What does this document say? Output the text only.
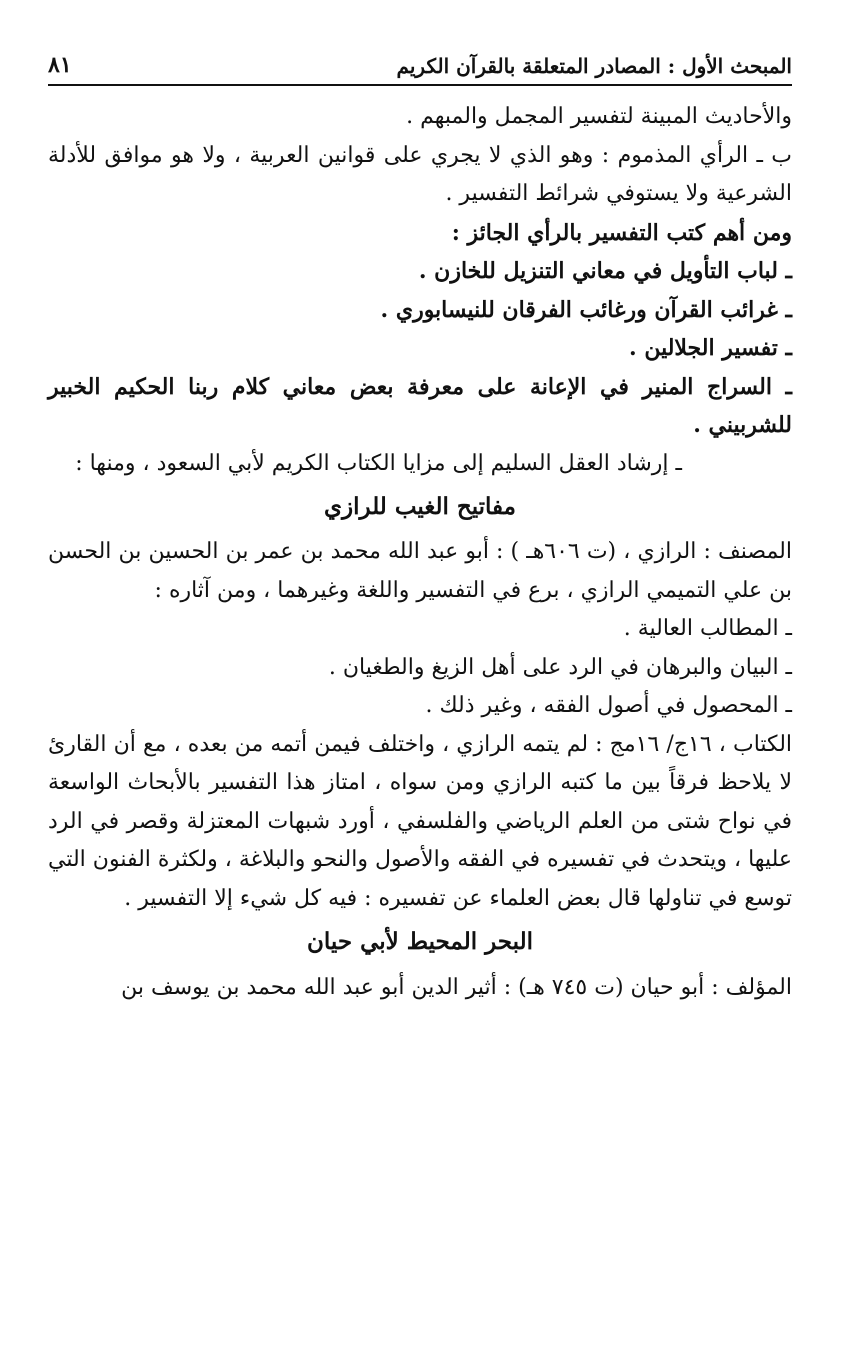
المبحث الأول : المصادر المتعلقة بالقرآن الكريم
٨١

والأحاديث المبينة لتفسير المجمل والمبهم .

ب ـ الرأي المذموم : وهو الذي لا يجري على قوانين العربية ، ولا هو موافق للأدلة الشرعية ولا يستوفي شرائط التفسير .

ومن أهم كتب التفسير بالرأي الجائز :

ـ لباب التأويل في معاني التنزيل للخازن .

ـ غرائب القرآن ورغائب الفرقان للنيسابوري .

ـ تفسير الجلالين .

ـ السراج المنير في الإعانة على معرفة بعض معاني كلام ربنا الحكيم الخبير للشربيني .

ـ إرشاد العقل السليم إلى مزايا الكتاب الكريم لأبي السعود ، ومنها :

مفاتيح الغيب للرازي

المصنف : الرازي ، (ت ٦٠٦هـ ) : أبو عبد الله محمد بن عمر بن الحسين بن الحسن بن علي التميمي الرازي ، برع في التفسير واللغة وغيرهما ، ومن آثاره :

ـ المطالب العالية .

ـ البيان والبرهان في الرد على أهل الزيغ والطغيان .

ـ المحصول في أصول الفقه ، وغير ذلك .

الكتاب ، ١٦ج/ ١٦مج : لم يتمه الرازي ، واختلف فيمن أتمه من بعده ، مع أن القارئ لا يلاحظ فرقاً بين ما كتبه الرازي ومن سواه ، امتاز هذا التفسير بالأبحاث الواسعة في نواح شتى من العلم الرياضي والفلسفي ، أورد شبهات المعتزلة وقصر في الرد عليها ، ويتحدث في تفسيره في الفقه والأصول والنحو والبلاغة ، ولكثرة الفنون التي توسع في تناولها قال بعض العلماء عن تفسيره : فيه كل شيء إلا التفسير .

البحر المحيط لأبي حيان

المؤلف : أبو حيان (ت ٧٤٥ هـ) : أثير الدين أبو عبد الله محمد بن يوسف بن
